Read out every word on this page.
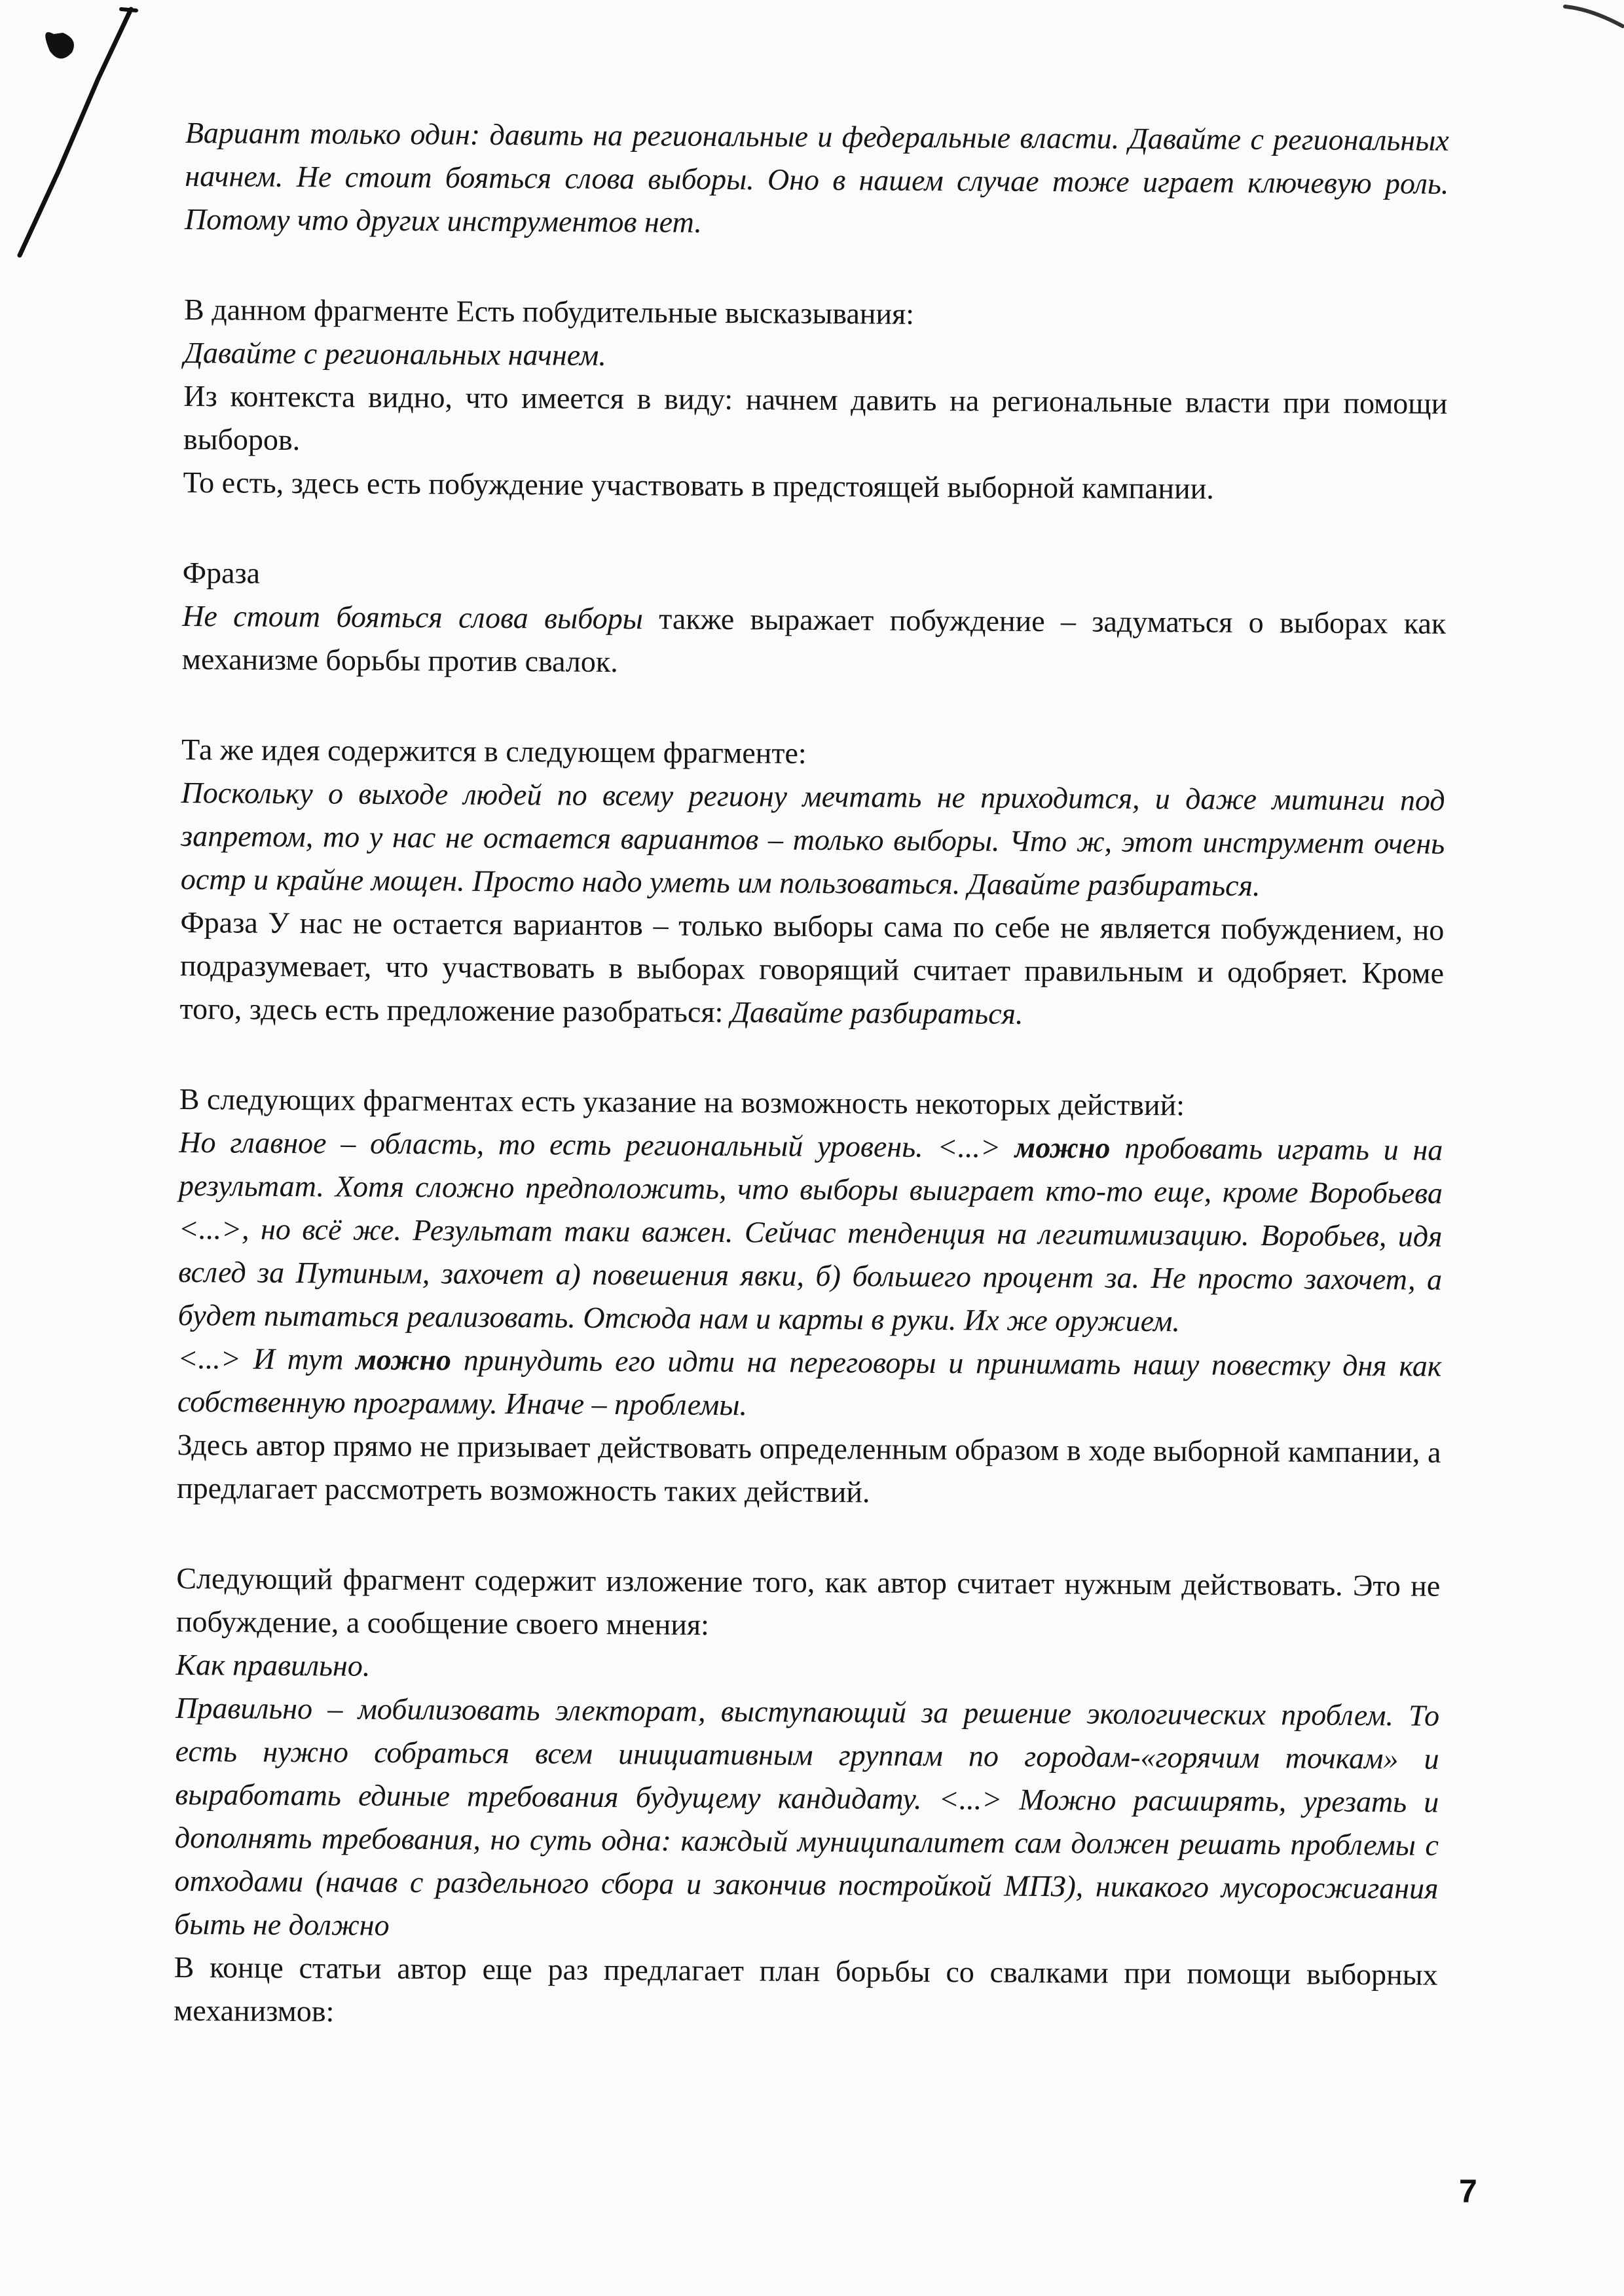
Вариант только один: давить на региональные и федеральные власти. Давайте с региональных начнем. Не стоит бояться слова выборы. Оно в нашем случае тоже играет ключевую роль. Потому что других инструментов нет.

В данном фрагменте Есть побудительные высказывания:

Давайте с региональных начнем.

Из контекста видно, что имеется в виду: начнем давить на региональные власти при помощи выборов.

То есть, здесь есть побуждение участвовать в предстоящей выборной кампании.

Фраза

Не стоит бояться слова выборы также выражает побуждение – задуматься о выборах как механизме борьбы против свалок.

Та же идея содержится в следующем фрагменте:

Поскольку о выходе людей по всему региону мечтать не приходится, и даже митинги под запретом, то у нас не остается вариантов – только выборы. Что ж, этот инструмент очень остр и крайне мощен. Просто надо уметь им пользоваться. Давайте разбираться.

Фраза У нас не остается вариантов – только выборы сама по себе не является побуждением, но подразумевает, что участвовать в выборах говорящий считает правильным и одобряет. Кроме того, здесь есть предложение разобраться: Давайте разбираться.

В следующих фрагментах есть указание на возможность некоторых действий:

Но главное – область, то есть региональный уровень. <...> можно пробовать играть и на результат. Хотя сложно предположить, что выборы выиграет кто-то еще, кроме Воробьева <...>, но всё же. Результат таки важен. Сейчас тенденция на легитимизацию. Воробьев, идя вслед за Путиным, захочет а) повешения явки, б) большего процент за. Не просто захочет, а будет пытаться реализовать. Отсюда нам и карты в руки. Их же оружием.

<...> И тут можно принудить его идти на переговоры и принимать нашу повестку дня как собственную программу. Иначе – проблемы.

Здесь автор прямо не призывает действовать определенным образом в ходе выборной кампании, а предлагает рассмотреть возможность таких действий.

Следующий фрагмент содержит изложение того, как автор считает нужным действовать. Это не побуждение, а сообщение своего мнения:

Как правильно.

Правильно – мобилизовать электорат, выступающий за решение экологических проблем. То есть нужно собраться всем инициативным группам по городам-«горячим точкам» и выработать единые требования будущему кандидату. <...> Можно расширять, урезать и дополнять требования, но суть одна: каждый муниципалитет сам должен решать проблемы с отходами (начав с раздельного сбора и закончив постройкой МПЗ), никакого мусоросжигания быть не должно

В конце статьи автор еще раз предлагает план борьбы со свалками при помощи выборных механизмов:

7
